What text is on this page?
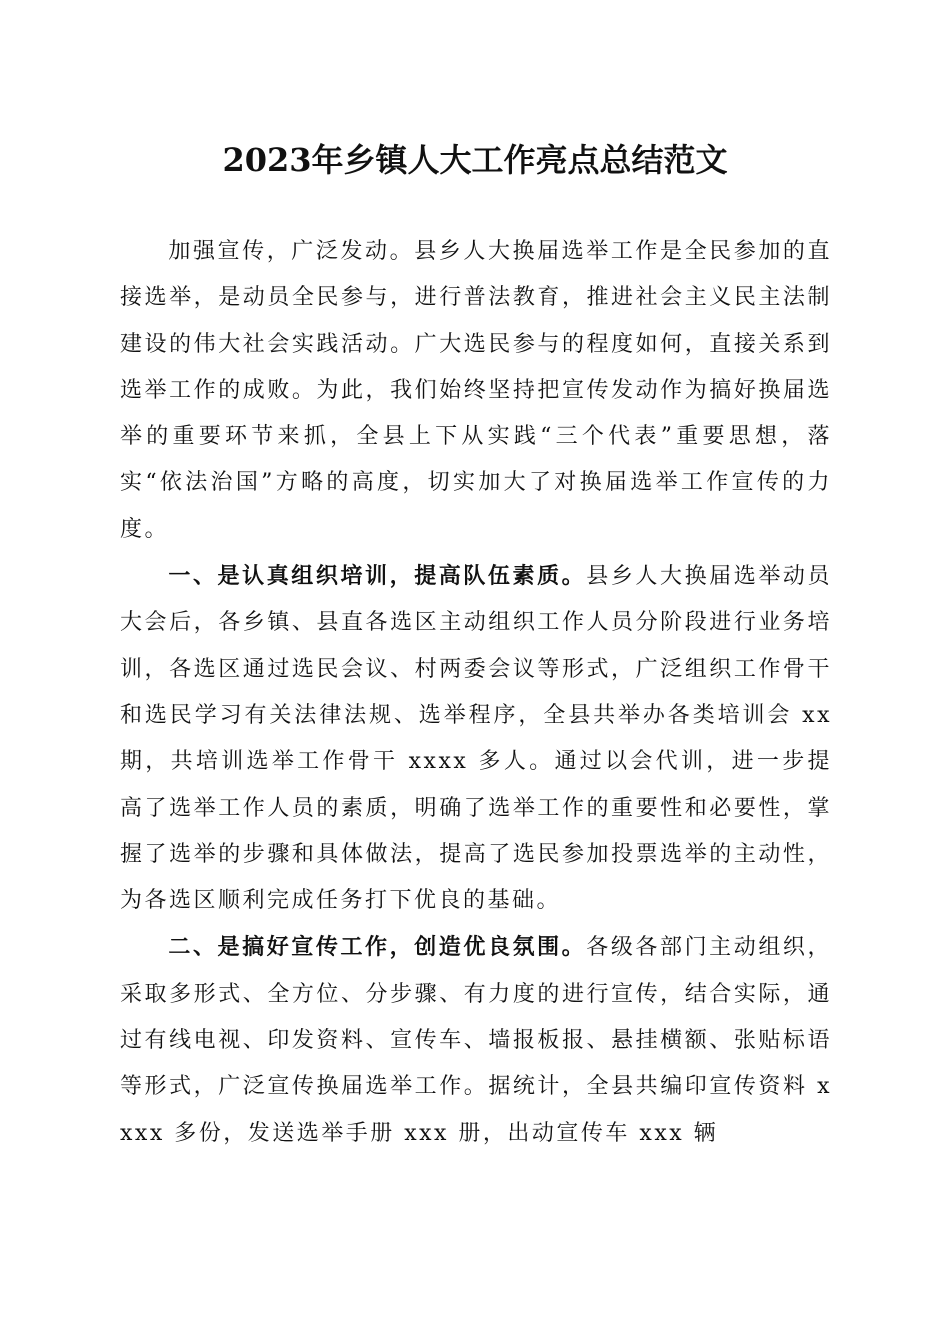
2023年乡镇人大工作亮点总结范文

加强宣传，广泛发动。县乡人大换届选举工作是全民参加的直接选举，是动员全民参与，进行普法教育，推进社会主义民主法制建设的伟大社会实践活动。广大选民参与的程度如何，直接关系到选举工作的成败。为此，我们始终坚持把宣传发动作为搞好换届选举的重要环节来抓，全县上下从实践“三个代表”重要思想，落实“依法治国”方略的高度，切实加大了对换届选举工作宣传的力度。

一、是认真组织培训，提高队伍素质。县乡人大换届选举动员大会后，各乡镇、县直各选区主动组织工作人员分阶段进行业务培训，各选区通过选民会议、村两委会议等形式，广泛组织工作骨干和选民学习有关法律法规、选举程序，全县共举办各类培训会 xx 期，共培训选举工作骨干 xxxx 多人。通过以会代训，进一步提高了选举工作人员的素质，明确了选举工作的重要性和必要性，掌握了选举的步骤和具体做法，提高了选民参加投票选举的主动性，为各选区顺利完成任务打下优良的基础。

二、是搞好宣传工作，创造优良氛围。各级各部门主动组织，采取多形式、全方位、分步骤、有力度的进行宣传，结合实际，通过有线电视、印发资料、宣传车、墙报板报、悬挂横额、张贴标语等形式，广泛宣传换届选举工作。据统计，全县共编印宣传资料 xxxx 多份，发送选举手册 xxx 册，出动宣传车 xxx 辆
